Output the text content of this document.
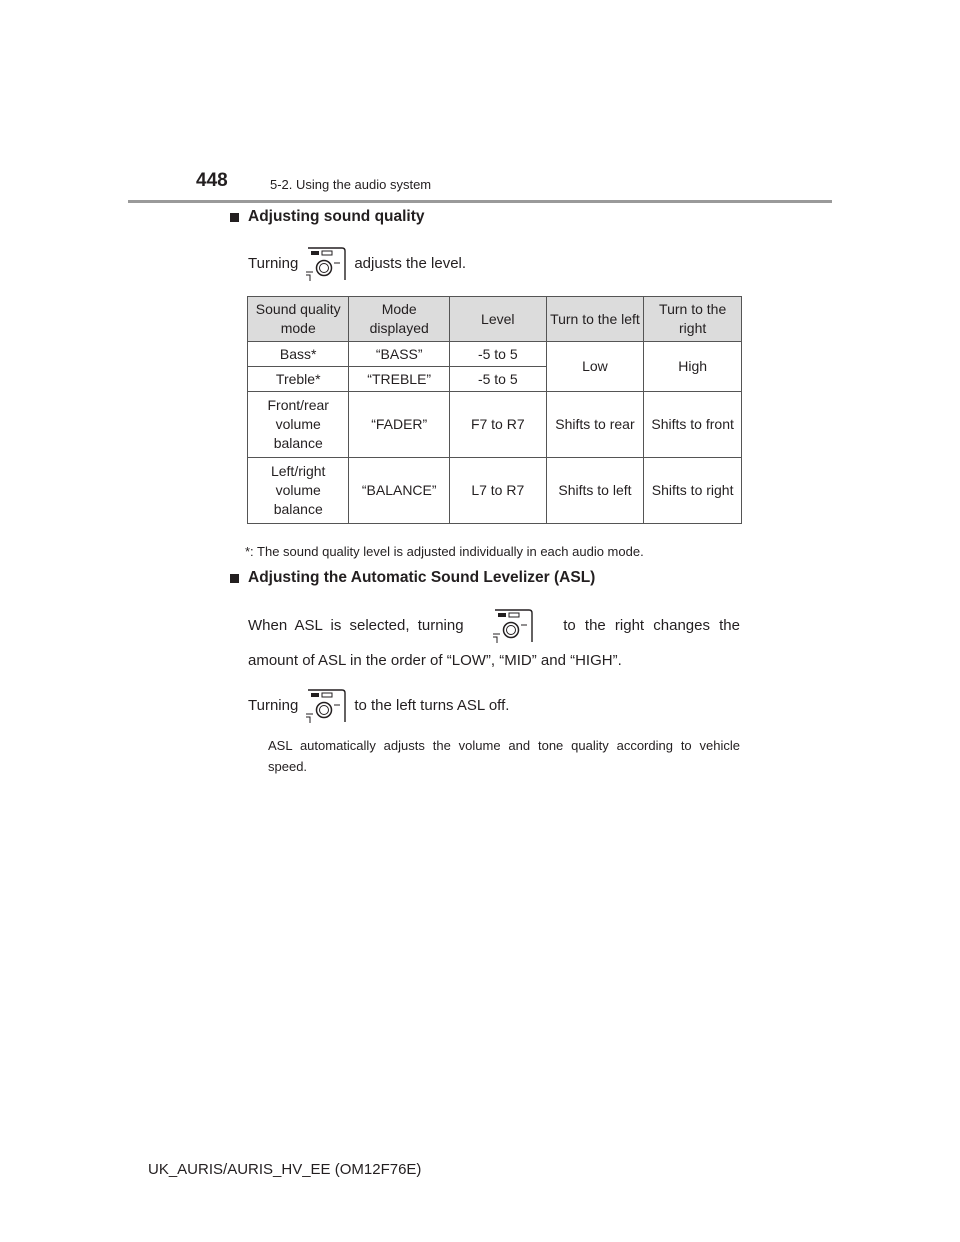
448	5-2. Using the audio system
Adjusting sound quality
Turning	adjusts the level.
Sound quality mode	Mode displayed	Level	Turn to the left	Turn to the right
Bass*	“BASS”	-5 to 5	Low	High
Treble*	“TREBLE”	-5 to 5		
Front/rear volume balance	“FADER”	F7 to R7	Shifts to rear	Shifts to front
Left/right volume balance	“BALANCE”	L7 to R7	Shifts to left	Shifts to right
*: The sound quality level is adjusted individually in each audio mode.
Adjusting the Automatic Sound Levelizer (ASL)
When ASL is selected, turning	to the right changes the
amount of ASL in the order of “LOW”, “MID” and “HIGH”.
Turning	to the left turns ASL off.
ASL automatically adjusts the volume and tone quality according to vehicle speed.
UK_AURIS/AURIS_HV_EE (OM12F76E)
